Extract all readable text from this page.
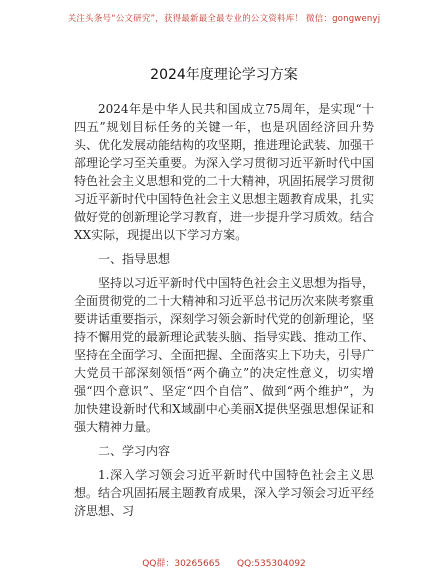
关注头条号“公文研究”，获得最新最全最专业的公文资料库！ 微信：gongwenyj
2024年度理论学习方案

2024年是中华人民共和国成立75周年，是实现“十四五”规划目标任务的关键一年，也是巩固经济回升势头、优化发展动能结构的攻坚期，推进理论武装、加强干部理论学习至关重要。为深入学习贯彻习近平新时代中国特色社会主义思想和党的二十大精神，巩固拓展学习贯彻习近平新时代中国特色社会主义思想主题教育成果，扎实做好党的创新理论学习教育，进一步提升学习质效。结合XX实际，现提出以下学习方案。

一、指导思想

坚持以习近平新时代中国特色社会主义思想为指导，全面贯彻党的二十大精神和习近平总书记历次来陕考察重要讲话重要指示，深刻学习领会新时代党的创新理论，坚持不懈用党的最新理论武装头脑、指导实践、推动工作、坚持在全面学习、全面把握、全面落实上下功夫，引导广大党员干部深刻领悟“两个确立”的决定性意义，切实增强“四个意识”、坚定“四个自信”、做到“两个维护”，为加快建设新时代和X域副中心美丽X提供坚强思想保证和强大精神力量。

二、学习内容

1.深入学习领会习近平新时代中国特色社会主义思想。结合巩固拓展主题教育成果，深入学习领会习近平经济思想、习

QQ群：30265665 QQ:535304092
